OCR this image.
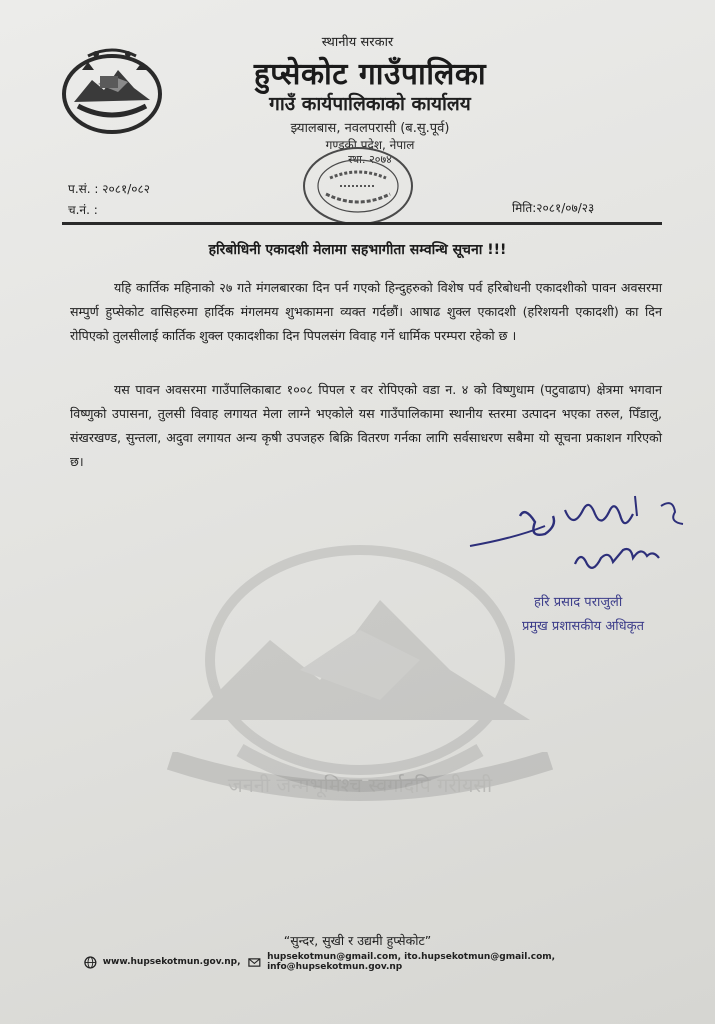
स्थानीय सरकार
हुप्सेकोट गाउँपालिका
गाउँ कार्यपालिकाको कार्यालय
झ्यालबास, नवलपरासी (ब.सु.पूर्व)
गण्डकी प्रदेश, नेपाल
स्था. २०७४
प.सं. : २०८१/०८२
च.नं. :	मिति:२०८१/०७/२३
हरिबोधिनी एकादशी मेलामा सहभागीता सम्वन्धि सूचना !!!

यहि कार्तिक महिनाको २७ गते मंगलबारका दिन पर्न गएको हिन्दुहरुको विशेष पर्व हरिबोधनी एकादशीको पावन अवसरमा सम्पुर्ण हुप्सेकोट वासिहरुमा हार्दिक मंगलमय शुभकामना व्यक्त गर्दछौं। आषाढ शुक्ल एकादशी (हरिशयनी एकादशी) का दिन रोपिएको तुलसीलाई कार्तिक शुक्ल एकादशीका दिन पिपलसंग विवाह गर्ने धार्मिक परम्परा रहेको छ ।

यस पावन अवसरमा गाउँपालिकाबाट १००८ पिपल र वर रोपिएको वडा न. ४ को विष्णुधाम (पटुवाढाप) क्षेत्रमा भगवान विष्णुको उपासना, तुलसी विवाह लगायत मेला लाग्ने भएकोले यस गाउँपालिकामा स्थानीय स्तरमा उत्पादन भएका तरुल, पिँडालु, संखरखण्ड, सुन्तला, अदुवा लगायत अन्य कृषी उपजहरु बिक्रि वितरण गर्नका लागि सर्वसाधरण सबैमा यो सूचना प्रकाशन गरिएको छ।

जननी जन्मभूमिश्च स्वर्गादपि गरीयसी
हरि प्रसाद पराजुली
प्रमुख प्रशासकीय अधिकृत
“सुन्दर, सुखी र उद्यमी हुप्सेकोट”
www.hupsekotmun.gov.np,	hupsekotmun@gmail.com, ito.hupsekotmun@gmail.com, info@hupsekotmun.gov.np
